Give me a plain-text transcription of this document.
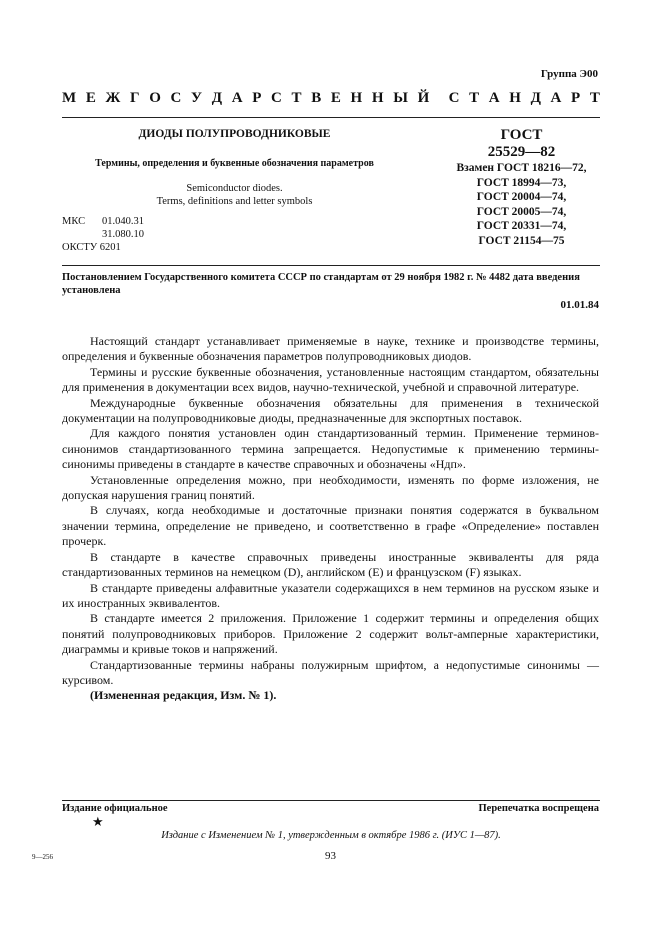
Группа Э00
М Е Ж Г О С У Д А Р С Т В Е Н Н Ы Й С Т А Н Д А Р Т
ДИОДЫ ПОЛУПРОВОДНИКОВЫЕ
Термины, определения и буквенные обозначения параметров
Semiconductor diodes.
Terms, definitions and letter symbols
МКС	01.040.31
31.080.10
ОКСТУ 6201
ГОСТ
25529—82
Взамен ГОСТ 18216—72,
ГОСТ 18994—73,
ГОСТ 20004—74,
ГОСТ 20005—74,
ГОСТ 20331—74,
ГОСТ 21154—75
Постановлением Государственного комитета СССР по стандартам от 29 ноября 1982 г. № 4482 дата введения установлена
01.01.84

Настоящий стандарт устанавливает применяемые в науке, технике и производстве термины, определения и буквенные обозначения параметров полупроводниковых диодов.

Термины и русские буквенные обозначения, установленные настоящим стандартом, обязательны для применения в документации всех видов, научно-технической, учебной и справочной литературе.

Международные буквенные обозначения обязательны для применения в технической документации на полупроводниковые диоды, предназначенные для экспортных поставок.

Для каждого понятия установлен один стандартизованный термин. Применение терминов-синонимов стандартизованного термина запрещается. Недопустимые к применению термины-синонимы приведены в стандарте в качестве справочных и обозначены «Ндп».

Установленные определения можно, при необходимости, изменять по форме изложения, не допуская нарушения границ понятий.

В случаях, когда необходимые и достаточные признаки понятия содержатся в буквальном значении термина, определение не приведено, и соответственно в графе «Определение» поставлен прочерк.

В стандарте в качестве справочных приведены иностранные эквиваленты для ряда стандартизованных терминов на немецком (D), английском (E) и французском (F) языках.

В стандарте приведены алфавитные указатели содержащихся в нем терминов на русском языке и их иностранных эквивалентов.

В стандарте имеется 2 приложения. Приложение 1 содержит термины и определения общих понятий полупроводниковых приборов. Приложение 2 содержит вольт-амперные характеристики, диаграммы и кривые токов и напряжений.

Стандартизованные термины набраны полужирным шрифтом, а недопустимые синонимы — курсивом.

(Измененная редакция, Изм. № 1).

Издание официальное	Перепечатка воспрещена
★
Издание с Изменением № 1, утвержденным в октябре 1986 г. (ИУС 1—87).
9—256	93
